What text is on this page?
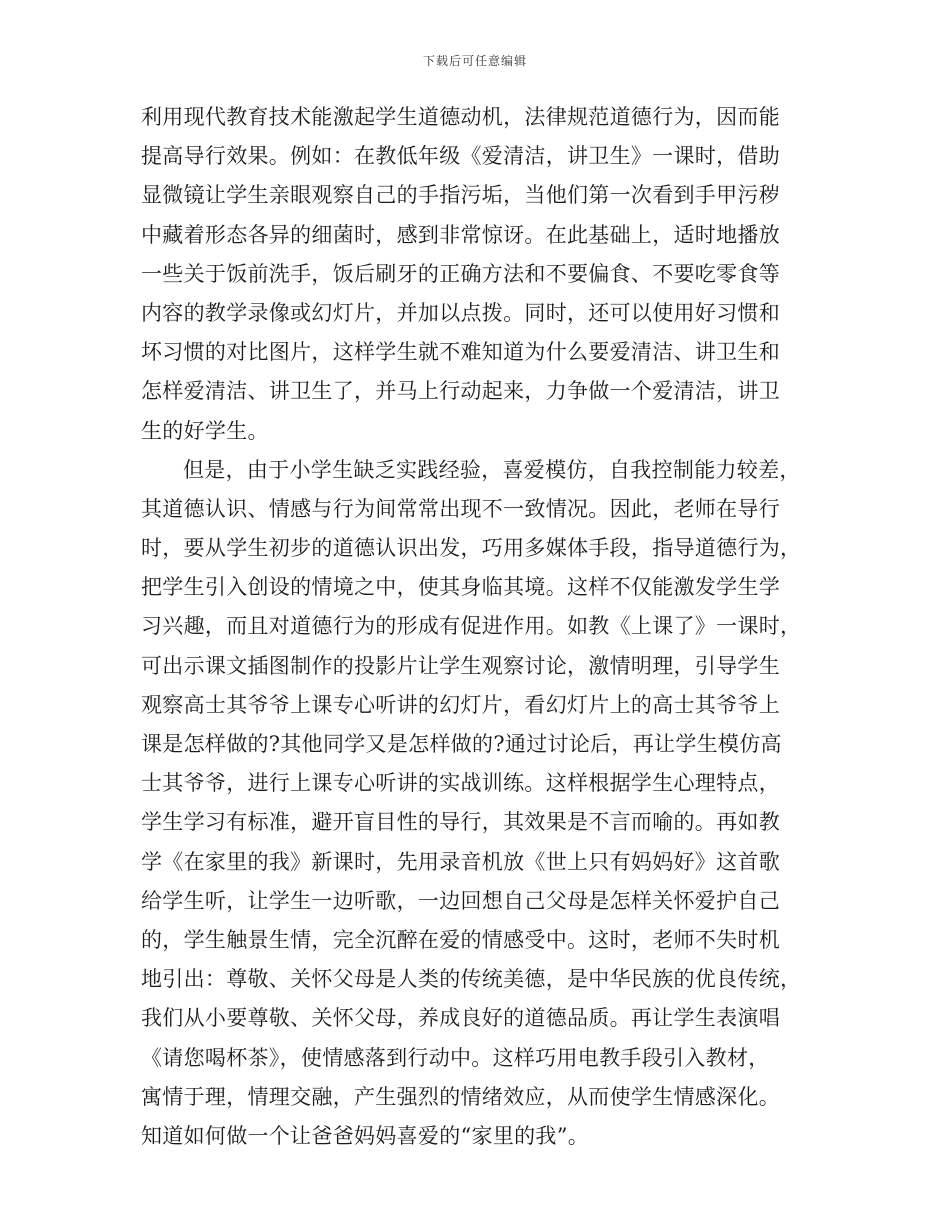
下载后可任意编辑
利用现代教育技术能激起学生道德动机，法律规范道德行为，因而能
提高导行效果。例如：在教低年级《爱清洁，讲卫生》一课时，借助
显微镜让学生亲眼观察自己的手指污垢，当他们第一次看到手甲污秽
中藏着形态各异的细菌时，感到非常惊讶。在此基础上，适时地播放
一些关于饭前洗手，饭后刷牙的正确方法和不要偏食、不要吃零食等
内容的教学录像或幻灯片，并加以点拨。同时，还可以使用好习惯和
坏习惯的对比图片，这样学生就不难知道为什么要爱清洁、讲卫生和
怎样爱清洁、讲卫生了，并马上行动起来，力争做一个爱清洁，讲卫
生的好学生。
但是，由于小学生缺乏实践经验，喜爱模仿，自我控制能力较差，
其道德认识、情感与行为间常常出现不一致情况。因此，老师在导行
时，要从学生初步的道德认识出发，巧用多媒体手段，指导道德行为，
把学生引入创设的情境之中，使其身临其境。这样不仅能激发学生学
习兴趣，而且对道德行为的形成有促进作用。如教《上课了》一课时，
可出示课文插图制作的投影片让学生观察讨论，激情明理，引导学生
观察高士其爷爷上课专心听讲的幻灯片，看幻灯片上的高士其爷爷上
课是怎样做的?其他同学又是怎样做的?通过讨论后，再让学生模仿高
士其爷爷，进行上课专心听讲的实战训练。这样根据学生心理特点，
学生学习有标准，避开盲目性的导行，其效果是不言而喻的。再如教
学《在家里的我》新课时，先用录音机放《世上只有妈妈好》这首歌
给学生听，让学生一边听歌，一边回想自己父母是怎样关怀爱护自己
的，学生触景生情，完全沉醉在爱的情感受中。这时，老师不失时机
地引出：尊敬、关怀父母是人类的传统美德，是中华民族的优良传统，
我们从小要尊敬、关怀父母，养成良好的道德品质。再让学生表演唱
《请您喝杯茶》，使情感落到行动中。这样巧用电教手段引入教材，
寓情于理，情理交融，产生强烈的情绪效应，从而使学生情感深化。
知道如何做一个让爸爸妈妈喜爱的“家里的我”。
